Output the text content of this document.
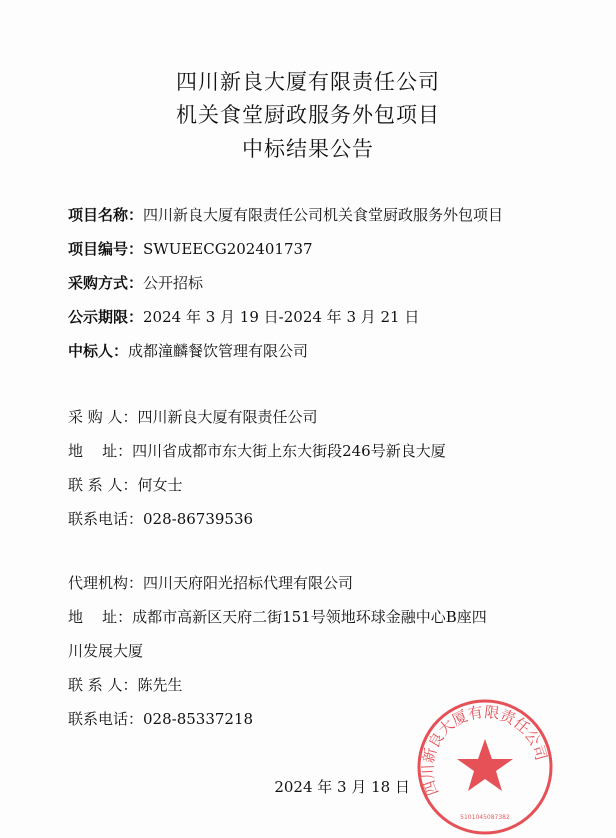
四川新良大厦有限责任公司
机关食堂厨政服务外包项目
中标结果公告
项目名称：四川新良大厦有限责任公司机关食堂厨政服务外包项目
项目编号：SWUEECG202401737
采购方式：公开招标
公示期限：2024 年 3 月 19 日-2024 年 3 月 21 日
中标人：成都潼麟餐饮管理有限公司
采 购 人：四川新良大厦有限责任公司
地    址：四川省成都市东大街上东大街段246号新良大厦
联 系 人：何女士
联系电话：028-86739536
代理机构：四川天府阳光招标代理有限公司
地    址：成都市高新区天府二街151号领地环球金融中心B座四
川发展大厦
联 系 人：陈先生
联系电话：028-85337218
四川新良大厦有限责任公司
5101045087382
2024 年 3 月 18 日
